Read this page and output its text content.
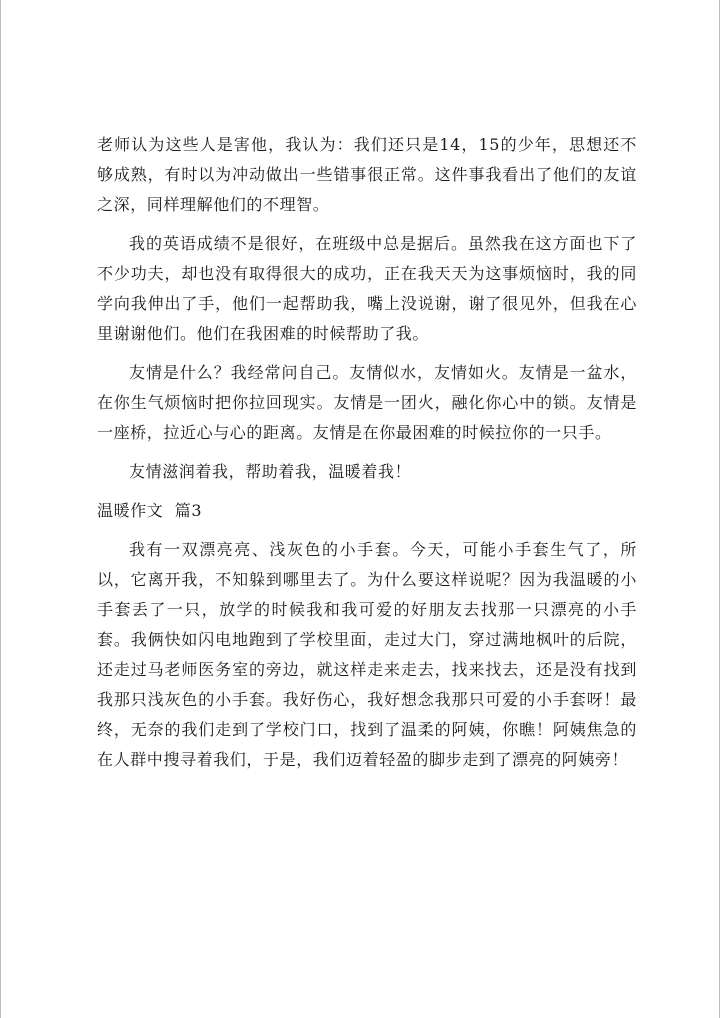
老师认为这些人是害他，我认为：我们还只是14，15的少年，思想还不够成熟，有时以为冲动做出一些错事很正常。这件事我看出了他们的友谊之深，同样理解他们的不理智。

我的英语成绩不是很好，在班级中总是据后。虽然我在这方面也下了不少功夫，却也没有取得很大的成功，正在我天天为这事烦恼时，我的同学向我伸出了手，他们一起帮助我，嘴上没说谢，谢了很见外，但我在心里谢谢他们。他们在我困难的时候帮助了我。

友情是什么？我经常问自己。友情似水，友情如火。友情是一盆水，在你生气烦恼时把你拉回现实。友情是一团火，融化你心中的锁。友情是一座桥，拉近心与心的距离。友情是在你最困难的时候拉你的一只手。

友情滋润着我，帮助着我，温暖着我！

温暖作文  篇3

我有一双漂亮亮、浅灰色的小手套。今天，可能小手套生气了，所以，它离开我，不知躲到哪里去了。为什么要这样说呢？因为我温暖的小手套丢了一只，放学的时候我和我可爱的好朋友去找那一只漂亮的小手套。我俩快如闪电地跑到了学校里面，走过大门，穿过满地枫叶的后院，还走过马老师医务室的旁边，就这样走来走去，找来找去，还是没有找到我那只浅灰色的小手套。我好伤心，我好想念我那只可爱的小手套呀！最终，无奈的我们走到了学校门口，找到了温柔的阿姨，你瞧！阿姨焦急的在人群中搜寻着我们，于是，我们迈着轻盈的脚步走到了漂亮的阿姨旁！
